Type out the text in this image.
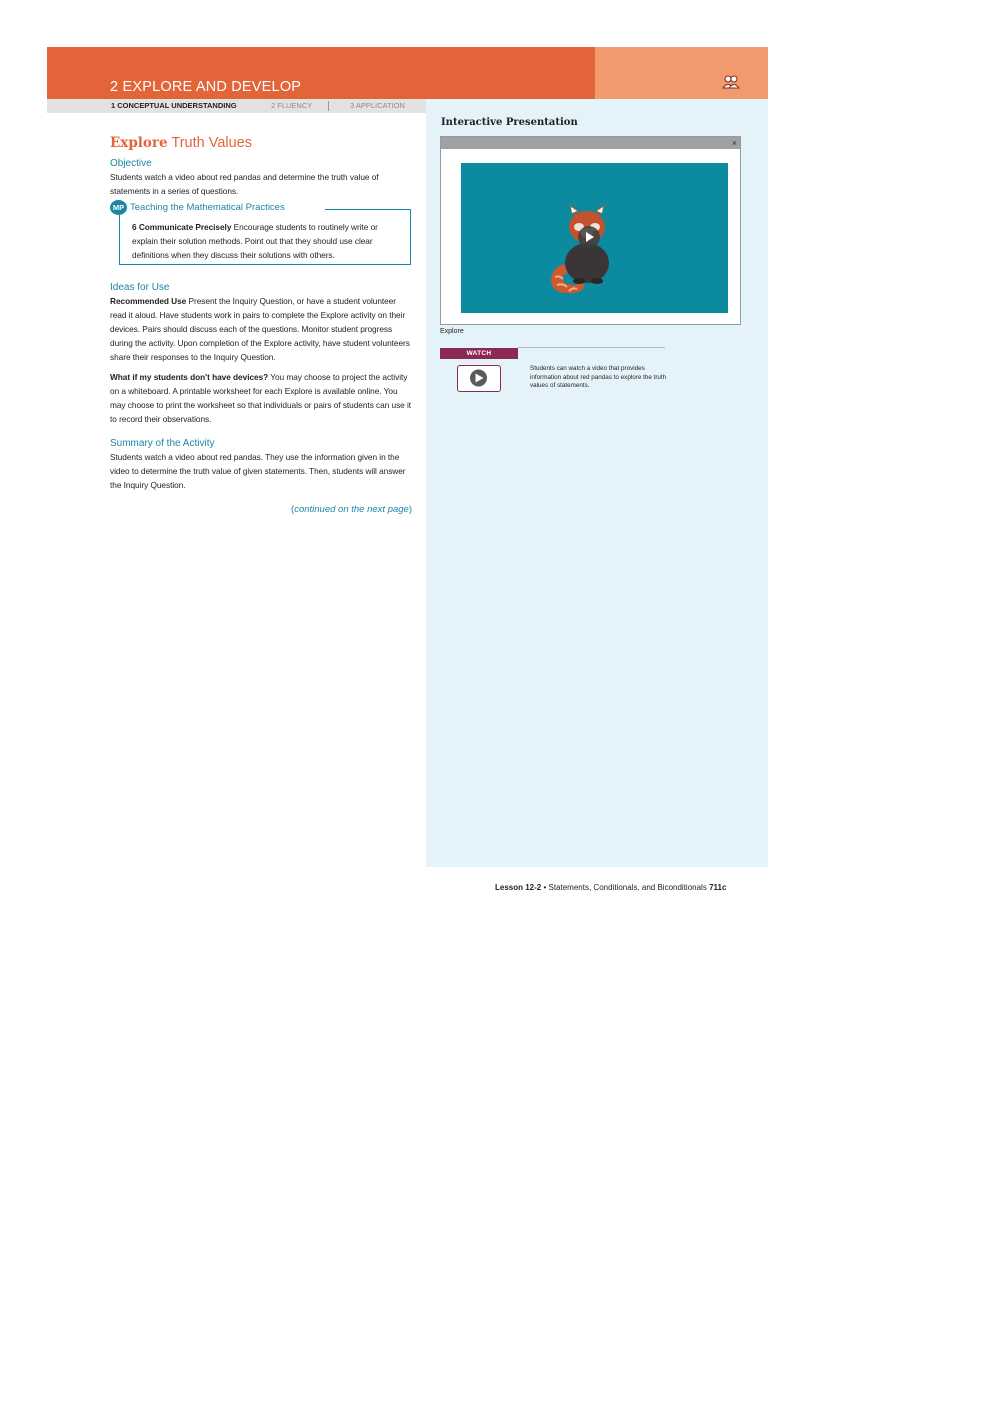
2 EXPLORE AND DEVELOP
1 CONCEPTUAL UNDERSTANDING	2 FLUENCY	3 APPLICATION
Explore Truth Values
Objective
Students watch a video about red pandas and determine the truth value of statements in a series of questions.
MP Teaching the Mathematical Practices
6 Communicate Precisely Encourage students to routinely write or explain their solution methods. Point out that they should use clear definitions when they discuss their solutions with others.
Ideas for Use
Recommended Use Present the Inquiry Question, or have a student volunteer read it aloud. Have students work in pairs to complete the Explore activity on their devices. Pairs should discuss each of the questions. Monitor student progress during the activity. Upon completion of the Explore activity, have student volunteers share their responses to the Inquiry Question.
What if my students don't have devices? You may choose to project the activity on a whiteboard. A printable worksheet for each Explore is available online. You may choose to print the worksheet so that individuals or pairs of students can use it to record their observations.
Summary of the Activity
Students watch a video about red pandas. They use the information given in the video to determine the truth value of given statements. Then, students will answer the Inquiry Question.
(continued on the next page)
Interactive Presentation
×
Explore
WATCH
Students can watch a video that provides information about red pandas to explore the truth values of statements.
Lesson 12-2 • Statements, Conditionals, and Biconditionals 711c
